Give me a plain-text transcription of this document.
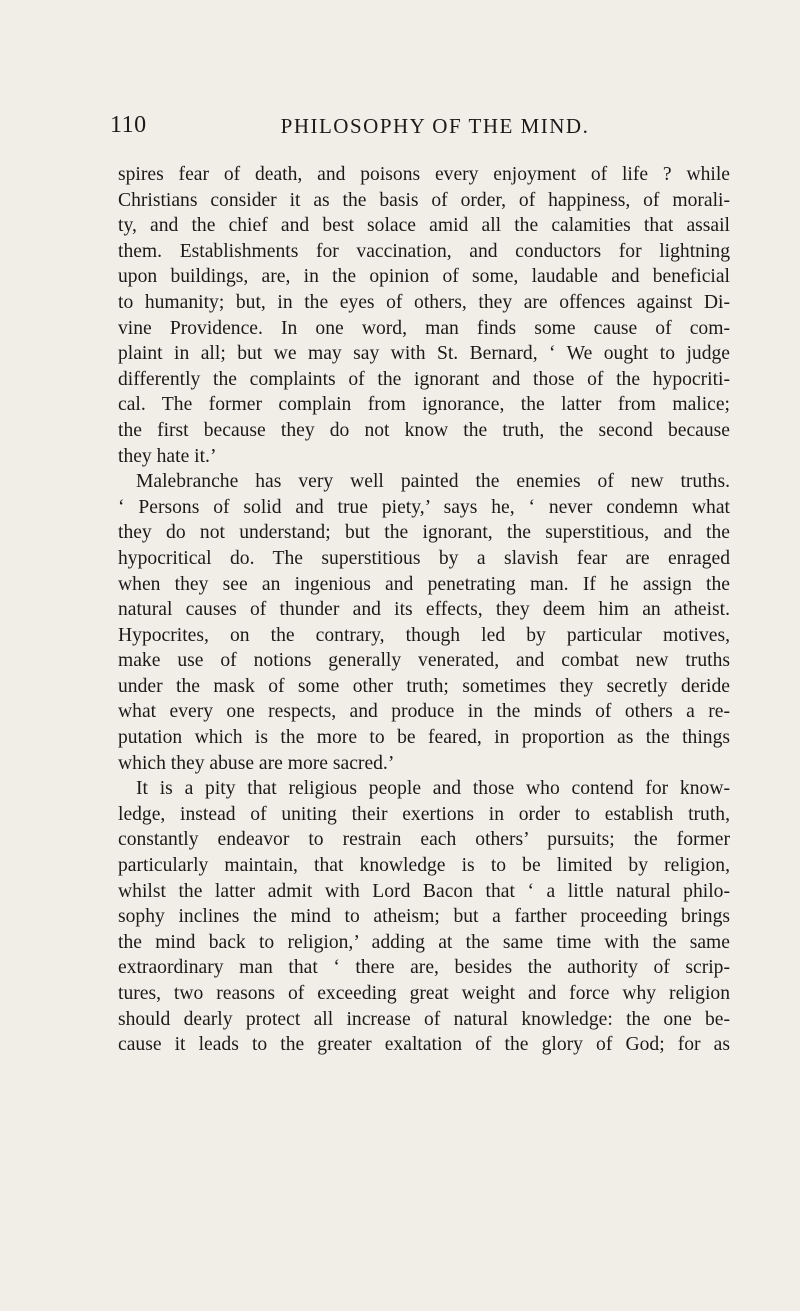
110	PHILOSOPHY OF THE MIND.
spires fear of death, and poisons every enjoyment of life ? while
Christians consider it as the basis of order, of happiness, of morali-
ty, and the chief and best solace amid all the calamities that assail
them. Establishments for vaccination, and conductors for lightning
upon buildings, are, in the opinion of some, laudable and beneficial
to humanity; but, in the eyes of others, they are offences against Di-
vine Providence. In one word, man finds some cause of com-
plaint in all; but we may say with St. Bernard, ‘ We ought to judge
differently the complaints of the ignorant and those of the hypocriti-
cal. The former complain from ignorance, the latter from malice;
the first because they do not know the truth, the second because
they hate it.’
Malebranche has very well painted the enemies of new truths.
‘ Persons of solid and true piety,’ says he, ‘ never condemn what
they do not understand; but the ignorant, the superstitious, and the
hypocritical do. The superstitious by a slavish fear are enraged
when they see an ingenious and penetrating man. If he assign the
natural causes of thunder and its effects, they deem him an atheist.
Hypocrites, on the contrary, though led by particular motives,
make use of notions generally venerated, and combat new truths
under the mask of some other truth; sometimes they secretly deride
what every one respects, and produce in the minds of others a re-
putation which is the more to be feared, in proportion as the things
which they abuse are more sacred.’
It is a pity that religious people and those who contend for know-
ledge, instead of uniting their exertions in order to establish truth,
constantly endeavor to restrain each others’ pursuits; the former
particularly maintain, that knowledge is to be limited by religion,
whilst the latter admit with Lord Bacon that ‘ a little natural philo-
sophy inclines the mind to atheism; but a farther proceeding brings
the mind back to religion,’ adding at the same time with the same
extraordinary man that ‘ there are, besides the authority of scrip-
tures, two reasons of exceeding great weight and force why religion
should dearly protect all increase of natural knowledge: the one be-
cause it leads to the greater exaltation of the glory of God; for as
